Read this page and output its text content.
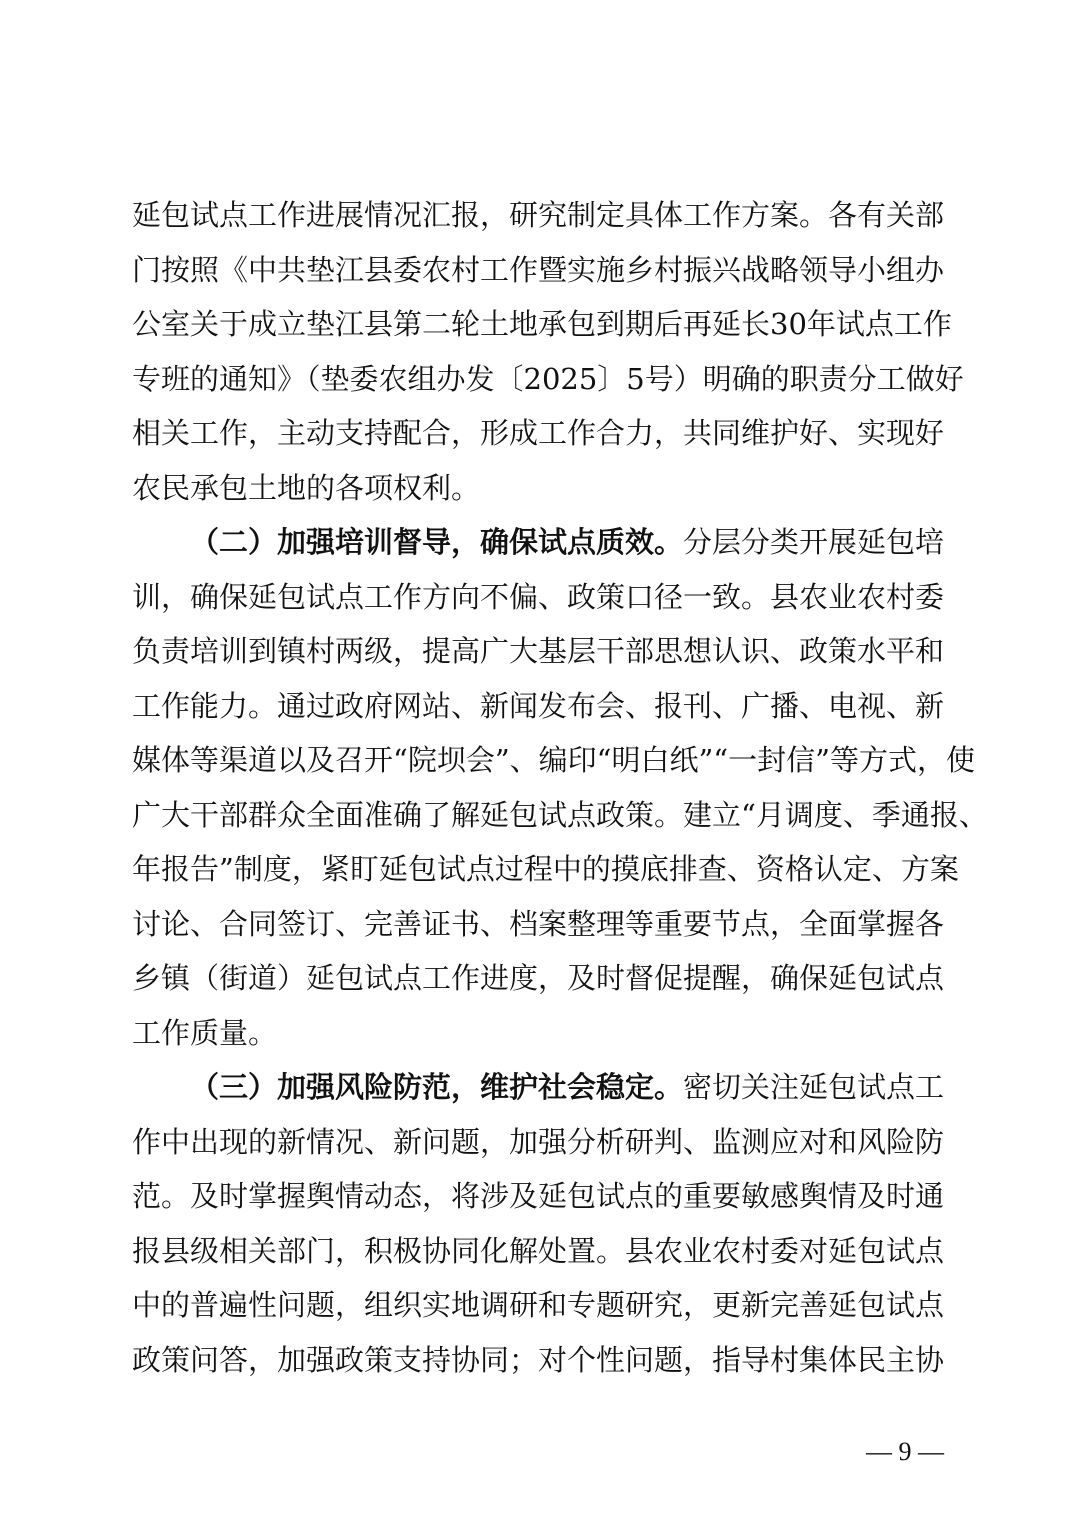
延包试点工作进展情况汇报，研究制定具体工作方案。各有关部
门按照《中共垫江县委农村工作暨实施乡村振兴战略领导小组办
公室关于成立垫江县第二轮土地承包到期后再延长30年试点工作
专班的通知》（垫委农组办发〔2025〕5号）明确的职责分工做好
相关工作，主动支持配合，形成工作合力，共同维护好、实现好
农民承包土地的各项权利。
（二）加强培训督导，确保试点质效。分层分类开展延包培
训，确保延包试点工作方向不偏、政策口径一致。县农业农村委
负责培训到镇村两级，提高广大基层干部思想认识、政策水平和
工作能力。通过政府网站、新闻发布会、报刊、广播、电视、新
媒体等渠道以及召开“院坝会”、编印“明白纸”“一封信”等方式，使
广大干部群众全面准确了解延包试点政策。建立“月调度、季通报、
年报告”制度，紧盯延包试点过程中的摸底排查、资格认定、方案
讨论、合同签订、完善证书、档案整理等重要节点，全面掌握各
乡镇（街道）延包试点工作进度，及时督促提醒，确保延包试点
工作质量。
（三）加强风险防范，维护社会稳定。密切关注延包试点工
作中出现的新情况、新问题，加强分析研判、监测应对和风险防
范。及时掌握舆情动态，将涉及延包试点的重要敏感舆情及时通
报县级相关部门，积极协同化解处置。县农业农村委对延包试点
中的普遍性问题，组织实地调研和专题研究，更新完善延包试点
政策问答，加强政策支持协同；对个性问题，指导村集体民主协
— 9 —
